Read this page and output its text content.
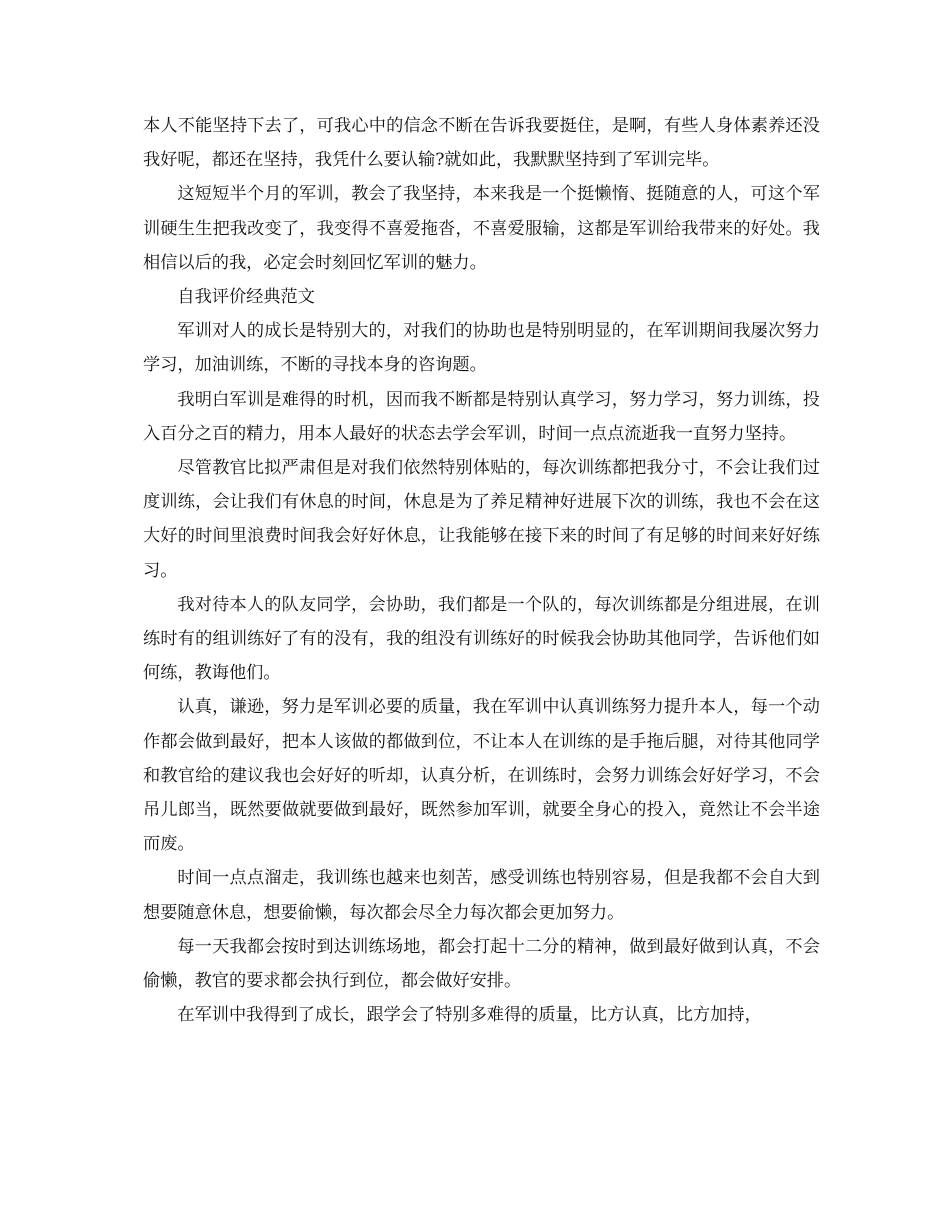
本人不能坚持下去了，可我心中的信念不断在告诉我要挺住，是啊，有些人身体素养还没我好呢，都还在坚持，我凭什么要认输?就如此，我默默坚持到了军训完毕。

这短短半个月的军训，教会了我坚持，本来我是一个挺懒惰、挺随意的人，可这个军训硬生生把我改变了，我变得不喜爱拖沓，不喜爱服输，这都是军训给我带来的好处。我相信以后的我，必定会时刻回忆军训的魅力。

自我评价经典范文

军训对人的成长是特别大的，对我们的协助也是特别明显的，在军训期间我屡次努力学习，加油训练，不断的寻找本身的咨询题。

我明白军训是难得的时机，因而我不断都是特别认真学习，努力学习，努力训练，投入百分之百的精力，用本人最好的状态去学会军训，时间一点点流逝我一直努力坚持。

尽管教官比拟严肃但是对我们依然特别体贴的，每次训练都把我分寸，不会让我们过度训练，会让我们有休息的时间，休息是为了养足精神好进展下次的训练，我也不会在这大好的时间里浪费时间我会好好休息，让我能够在接下来的时间了有足够的时间来好好练习。

我对待本人的队友同学，会协助，我们都是一个队的，每次训练都是分组进展，在训练时有的组训练好了有的没有，我的组没有训练好的时候我会协助其他同学，告诉他们如何练，教诲他们。

认真，谦逊，努力是军训必要的质量，我在军训中认真训练努力提升本人，每一个动作都会做到最好，把本人该做的都做到位，不让本人在训练的是手拖后腿，对待其他同学和教官给的建议我也会好好的听却，认真分析，在训练时，会努力训练会好好学习，不会吊儿郎当，既然要做就要做到最好，既然参加军训，就要全身心的投入，竟然让不会半途而废。

时间一点点溜走，我训练也越来也刻苦，感受训练也特别容易，但是我都不会自大到想要随意休息，想要偷懒，每次都会尽全力每次都会更加努力。

每一天我都会按时到达训练场地，都会打起十二分的精神，做到最好做到认真，不会偷懒，教官的要求都会执行到位，都会做好安排。

在军训中我得到了成长，跟学会了特别多难得的质量，比方认真，比方加持，
